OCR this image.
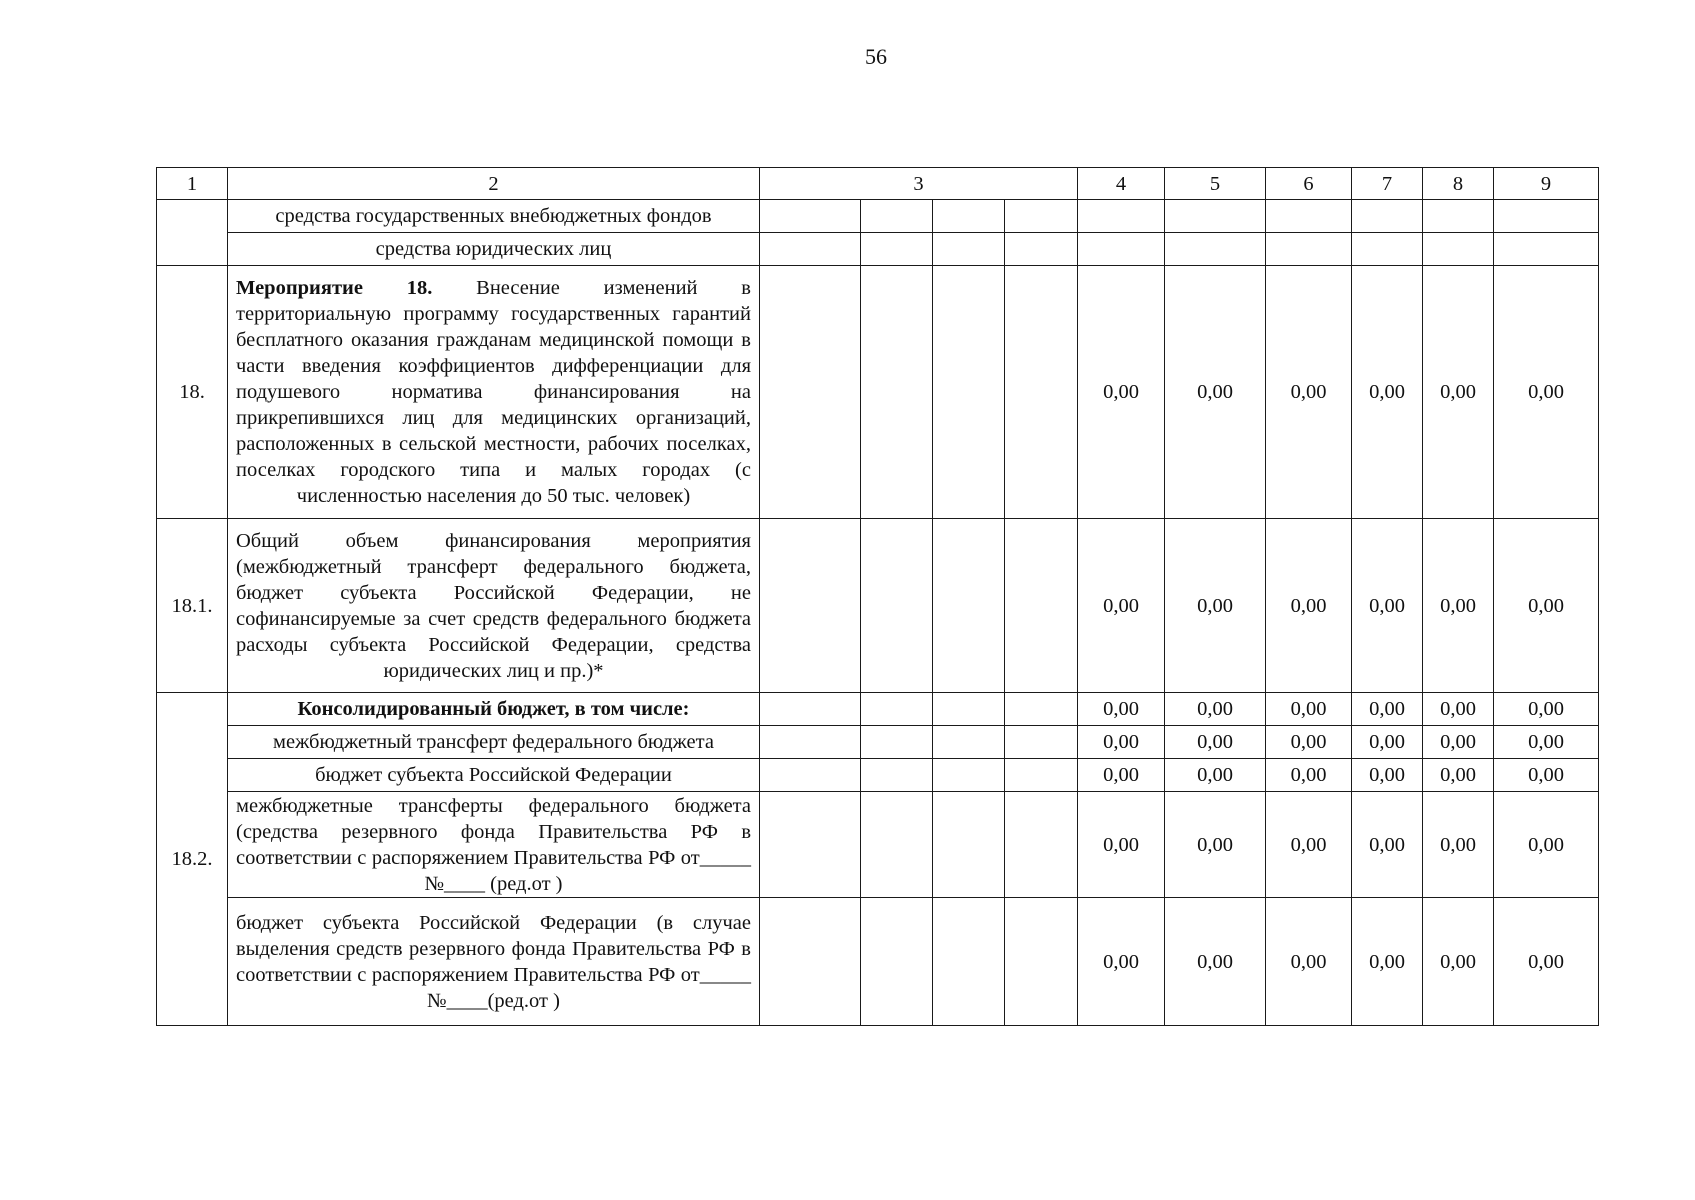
56
1	2	3				4	5	6	7	8	9
	средства государственных внебюджетных фондов										
	средства юридических лиц										
18.	Мероприятие 18. Внесение изменений в территориальную программу государственных гарантий бесплатного оказания гражданам медицинской помощи в части введения коэффициентов дифференциации для подушевого норматива финансирования на прикрепившихся лиц для медицинских организаций, расположенных в сельской местности, рабочих поселках, поселках городского типа и малых городах (с численностью населения до 50 тыс. человек)					0,00	0,00	0,00	0,00	0,00	0,00
18.1.	Общий объем финансирования мероприятия (межбюджетный трансферт федерального бюджета, бюджет субъекта Российской Федерации, не софинансируемые за счет средств федерального бюджета расходы субъекта Российской Федерации, средства юридических лиц и пр.)*					0,00	0,00	0,00	0,00	0,00	0,00
18.2.	Консолидированный бюджет, в том числе:					0,00	0,00	0,00	0,00	0,00	0,00
	межбюджетный трансферт федерального бюджета					0,00	0,00	0,00	0,00	0,00	0,00
	бюджет субъекта Российской Федерации					0,00	0,00	0,00	0,00	0,00	0,00
	межбюджетные трансферты федерального бюджета (средства резервного фонда Правительства РФ в соответствии с распоряжением Правительства РФ от_____ №____ (ред.от )					0,00	0,00	0,00	0,00	0,00	0,00
	бюджет субъекта Российской Федерации (в случае выделения средств резервного фонда Правительства РФ в соответствии с распоряжением Правительства РФ от_____ №____(ред.от )					0,00	0,00	0,00	0,00	0,00	0,00
